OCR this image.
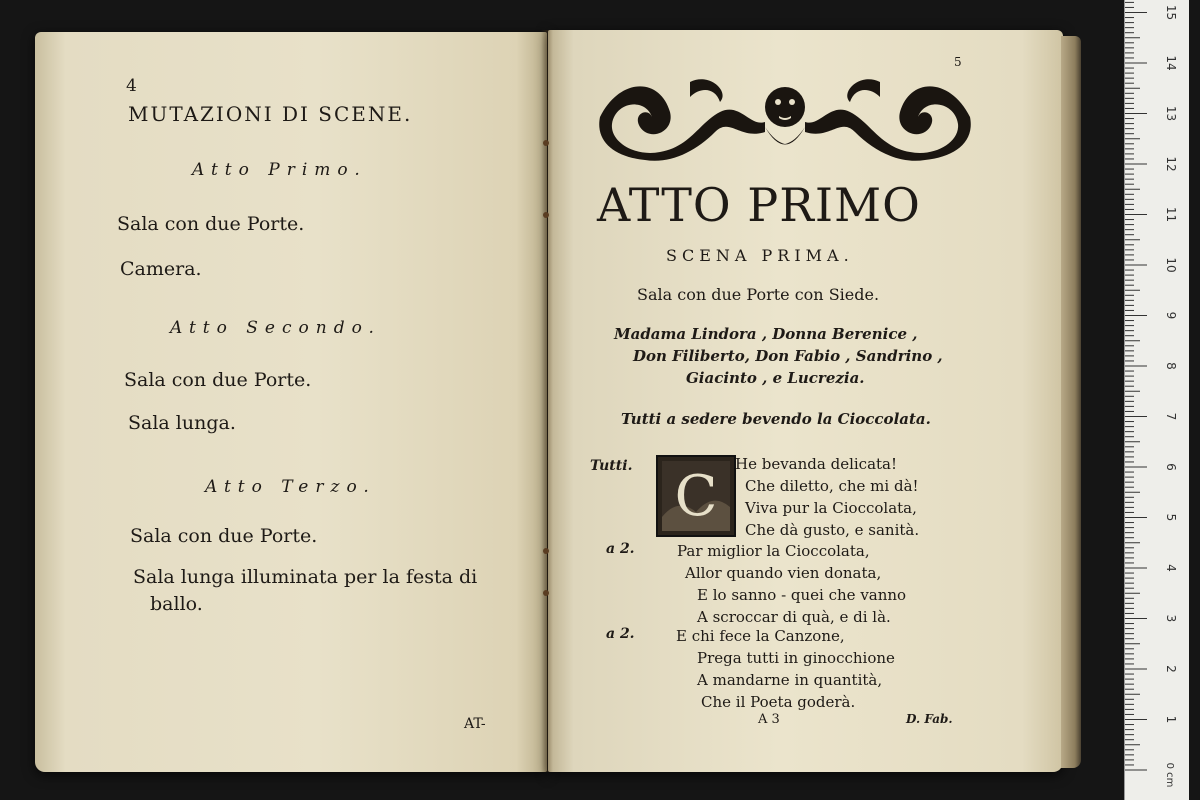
4

MUTAZIONI DI SCENE.

Atto Primo.

Sala con due Porte.

Camera.

Atto Secondo.

Sala con due Porte.

Sala lunga.

Atto Terzo.

Sala con due Porte.

Sala lunga illuminata per la festa di

ballo.

AT-

5

ATTO PRIMO

SCENA PRIMA.

Sala con due Porte con Siede.

Madama Lindora , Donna Berenice ,

Don Filiberto, Don Fabio , Sandrino ,

Giacinto , e Lucrezia.

Tutti a sedere bevendo la Cioccolata.

Tutti.

a 2.

a 2.

C He bevanda delicata!

Che diletto, che mi dà!

Viva pur la Cioccolata,

Che dà gusto, e sanità.

Par miglior la Cioccolata,

Allor quando vien donata,

E lo sanno - quei che vanno

A scroccar di quà, e di là.

E chi fece la Canzone,

Prega tutti in ginocchione

A mandarne in quantità,

Che il Poeta goderà.

A 3	D. Fab.	1
2
3
4
5
6
7
8
9
10
11
12
13
14
15
0 cm
